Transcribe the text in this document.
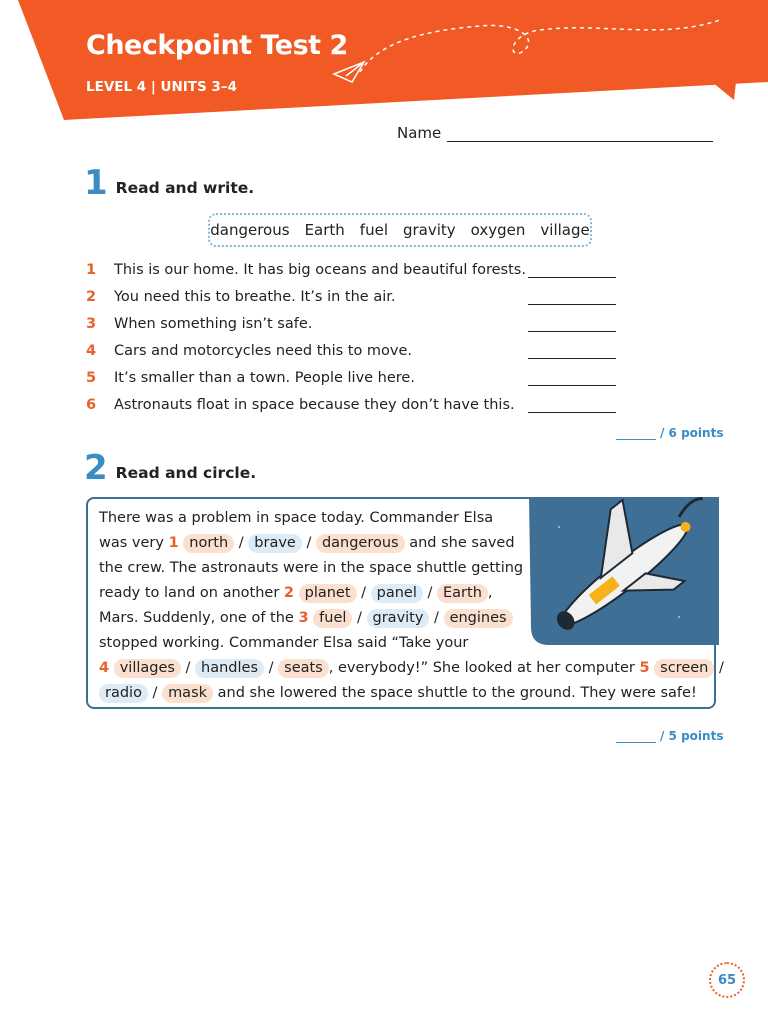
Checkpoint Test 2
LEVEL 4 | UNITS 3–4
Name
1 Read and write.
dangerous Earth fuel gravity oxygen village
1	This is our home. It has big oceans and beautiful forests.
2	You need this to breathe. It’s in the air.
3	When something isn’t safe.
4	Cars and motorcycles need this to move.
5	It’s smaller than a town. People live here.
6	Astronauts float in space because they don’t have this.
/ 6 points
2 Read and circle.
There was a problem in space today. Commander Elsa
was very 1 north / brave / dangerous and she saved
the crew. The astronauts were in the space shuttle getting
ready to land on another 2 planet / panel / Earth ,
Mars. Suddenly, one of the 3 fuel / gravity / engines
stopped working. Commander Elsa said “Take your
4 villages / handles / seats , everybody!” She looked at her computer 5 screen /
radio / mask and she lowered the space shuttle to the ground. They were safe!
/ 5 points
65
